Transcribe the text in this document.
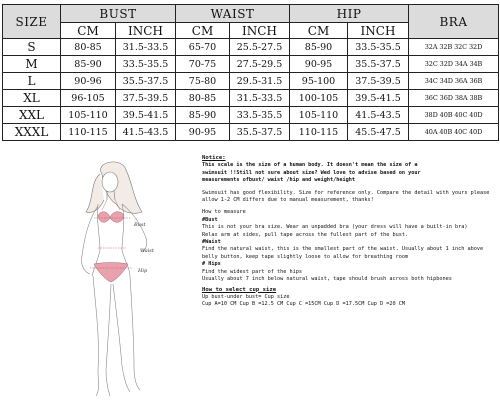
SIZE	BUST		WAIST		HIP		BRA
	CM	INCH	CM	INCH	CM	INCH	
S	80-85	31.5-33.5	65-70	25.5-27.5	85-90	33.5-35.5	32A 32B 32C 32D
M	85-90	33.5-35.5	70-75	27.5-29.5	90-95	35.5-37.5	32C 32D 34A 34B
L	90-96	35.5-37.5	75-80	29.5-31.5	95-100	37.5-39.5	34C 34D 36A 36B
XL	96-105	37.5-39.5	80-85	31.5-33.5	100-105	39.5-41.5	36C 36D 38A 38B
XXL	105-110	39.5-41.5	85-90	33.5-35.5	105-110	41.5-43.5	38D 40B 40C 40D
XXXL	110-115	41.5-43.5	90-95	35.5-37.5	110-115	45.5-47.5	40A 40B 40C 40D
Bust
Waist
Hip
Notice:
This scale is the size of a human body. It doesn't mean the size of a
swimsuit !!Still not sure about size? Wed love to advise based on your
measurements ofbust/ waist /hip and weight/height
Swimsuit has good flexibility. Size for reference only. Compare the detail with yours please
allow 1-2 CM differs due to manual measurement, thanks!
How to measure
#Bust
This is not your bra size. Wear an unpadded bra (your dress will have a built-in bra)
Relax arm at sides, pull tape across the fullest part of the bust.
#Waist
Find the natural waist, this is the smallest part of the waist. Usually about 1 inch above
belly button, keep tape slightly loose to allow for breathing room
# Hips
Find the widest part of the hips
Usually about 7 inch below natural waist, tape should brush across both hipbones
How to select cup size
Up bust-under bust= Cup size
Cup A=10 CM Cup B =12.5 CM Cup C =15CM Cup D =17.5CM Cup D =20 CM
